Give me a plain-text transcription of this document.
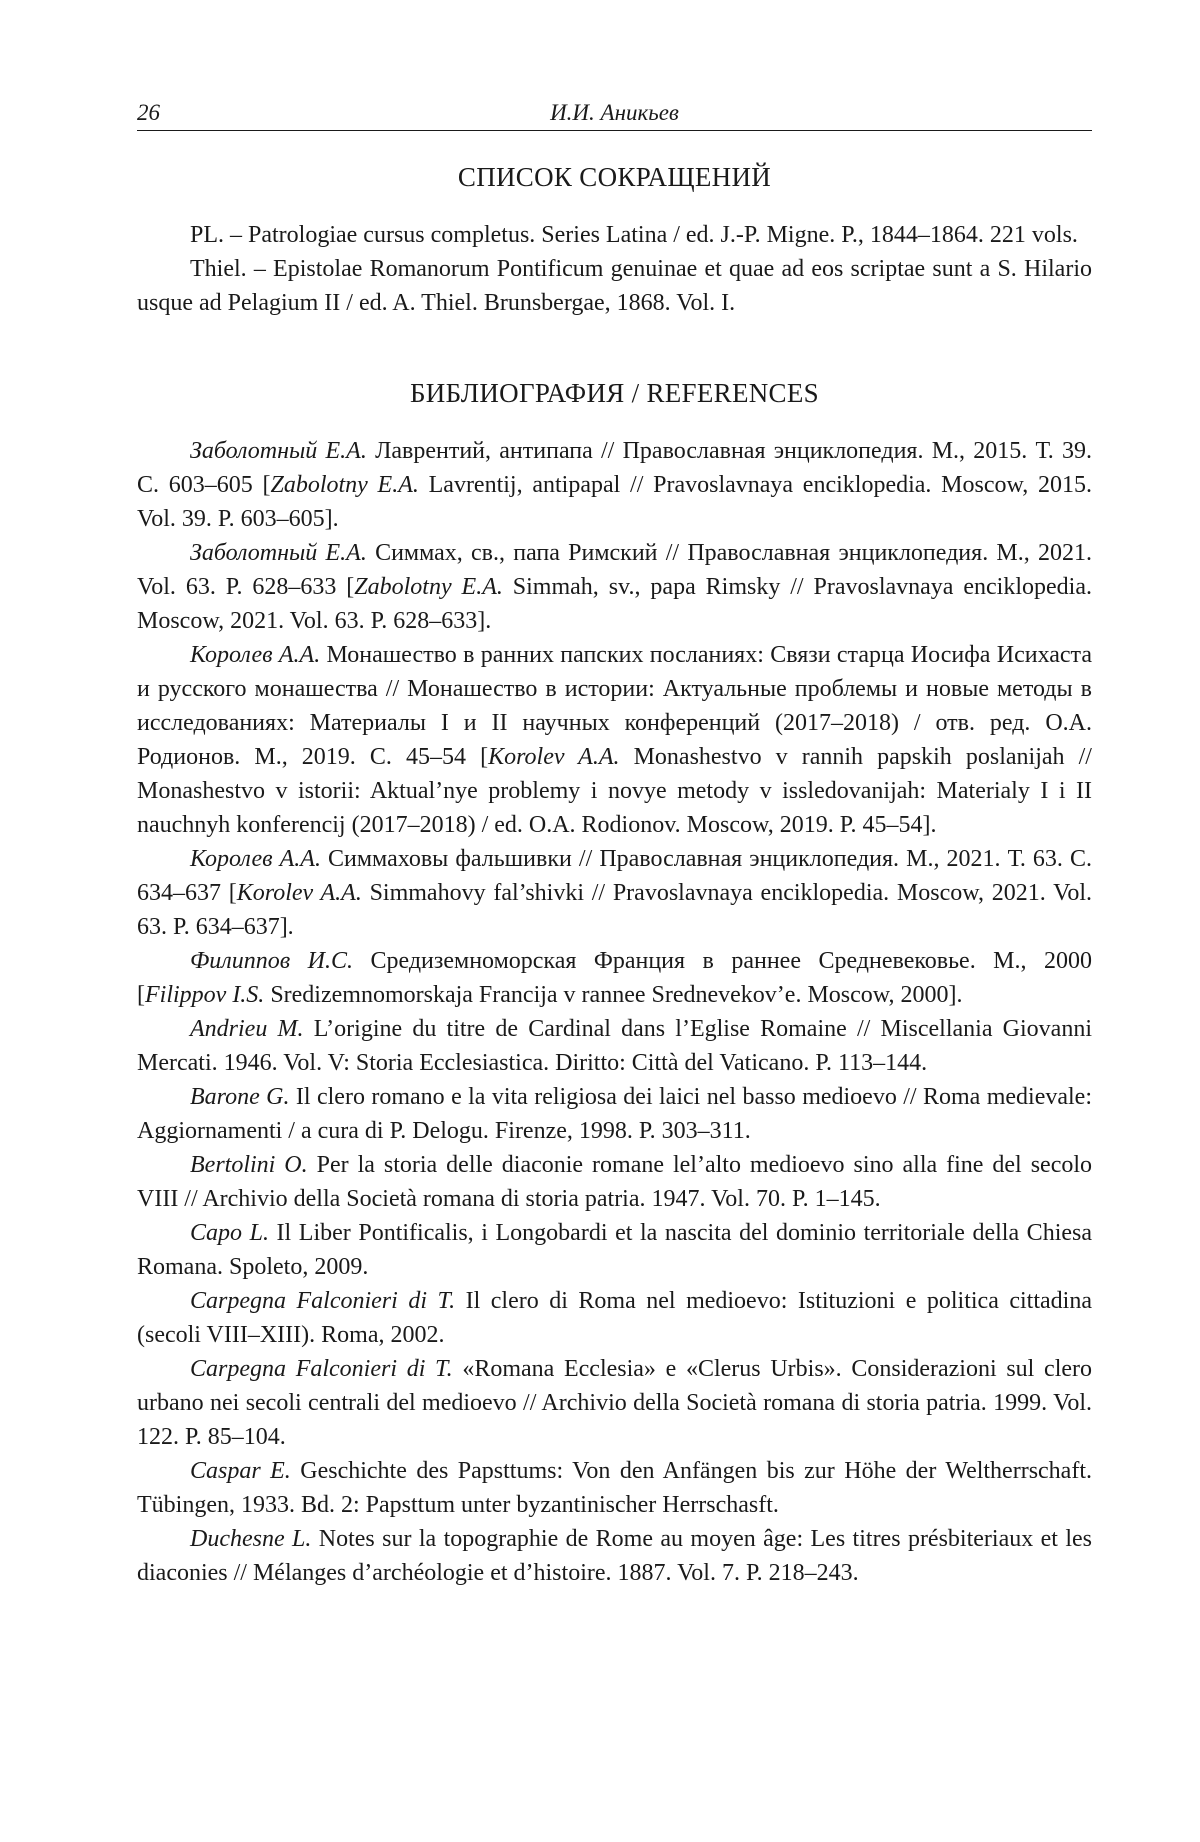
26	И.И. Аникьев
СПИСОК СОКРАЩЕНИЙ

PL. – Patrologiae cursus completus. Series Latina / ed. J.-P. Migne. P., 1844–1864. 221 vols.

Thiel. – Epistolae Romanorum Pontificum genuinae et quae ad eos scriptae sunt a S. Hilario usque ad Pelagium II / ed. A. Thiel. Brunsbergae, 1868. Vol. I.

БИБЛИОГРАФИЯ / REFERENCES

Заболотный Е.А. Лаврентий, антипапа // Православная энциклопедия. М., 2015. Т. 39. С. 603–605 [Zabolotny E.A. Lavrentij, antipapal // Pravoslavnaya enciklopedia. Moscow, 2015. Vol. 39. P. 603–605].

Заболотный Е.А. Симмах, св., папа Римский // Православная энциклопедия. М., 2021. Vol. 63. P. 628–633 [Zabolotny E.A. Simmah, sv., papa Rimsky // Pravoslavnaya enciklopedia. Moscow, 2021. Vol. 63. P. 628–633].

Королев А.А. Монашество в ранних папских посланиях: Связи старца Иосифа Исихаста и русского монашества // Монашество в истории: Актуальные проблемы и новые методы в исследованиях: Материалы I и II научных конференций (2017–2018) / отв. ред. О.А. Родионов. М., 2019. С. 45–54 [Korolev A.A. Monashestvo v rannih papskih poslanijah // Monashestvo v istorii: Aktual’nye problemy i novye metody v issledovanijah: Materialy I i II nauchnyh konferencij (2017–2018) / ed. O.A. Rodionov. Moscow, 2019. P. 45–54].

Королев А.А. Симмаховы фальшивки // Православная энциклопедия. М., 2021. Т. 63. С. 634–637 [Korolev A.A. Simmahovy fal’shivki // Pravoslavnaya enciklopedia. Moscow, 2021. Vol. 63. P. 634–637].

Филиппов И.С. Средиземноморская Франция в раннее Средневековье. М., 2000 [Filippov I.S. Sredizemnomorskaja Francija v rannee Srednevekov’e. Moscow, 2000].

Andrieu M. L’origine du titre de Cardinal dans l’Eglise Romaine // Miscellania Giovanni Mercati. 1946. Vol. V: Storia Ecclesiastica. Diritto: Città del Vaticano. P. 113–144.

Barone G. Il clero romano e la vita religiosa dei laici nel basso medioevo // Roma medievale: Aggiornamenti / a cura di P. Delogu. Firenze, 1998. P. 303–311.

Bertolini O. Per la storia delle diaconie romane lel’alto medioevo sino alla fine del secolo VIII // Archivio della Società romana di storia patria. 1947. Vol. 70. P. 1–145.

Capo L. Il Liber Pontificalis, i Longobardi et la nascita del dominio territoriale della Chiesa Romana. Spoleto, 2009.

Carpegna Falconieri di T. Il clero di Roma nel medioevo: Istituzioni e politica cittadina (secoli VIII–XIII). Roma, 2002.

Carpegna Falconieri di T. «Romana Ecclesia» e «Clerus Urbis». Considerazioni sul clero urbano nei secoli centrali del medioevo // Archivio della Società romana di storia patria. 1999. Vol. 122. P. 85–104.

Caspar E. Geschichte des Papsttums: Von den Anfängen bis zur Höhe der Weltherrschaft. Tübingen, 1933. Bd. 2: Papsttum unter byzantinischer Herrschasft.

Duchesne L. Notes sur la topographie de Rome au moyen âge: Les titres présbiteriaux et les diaconies // Mélanges d’archéologie et d’histoire. 1887. Vol. 7. P. 218–243.
